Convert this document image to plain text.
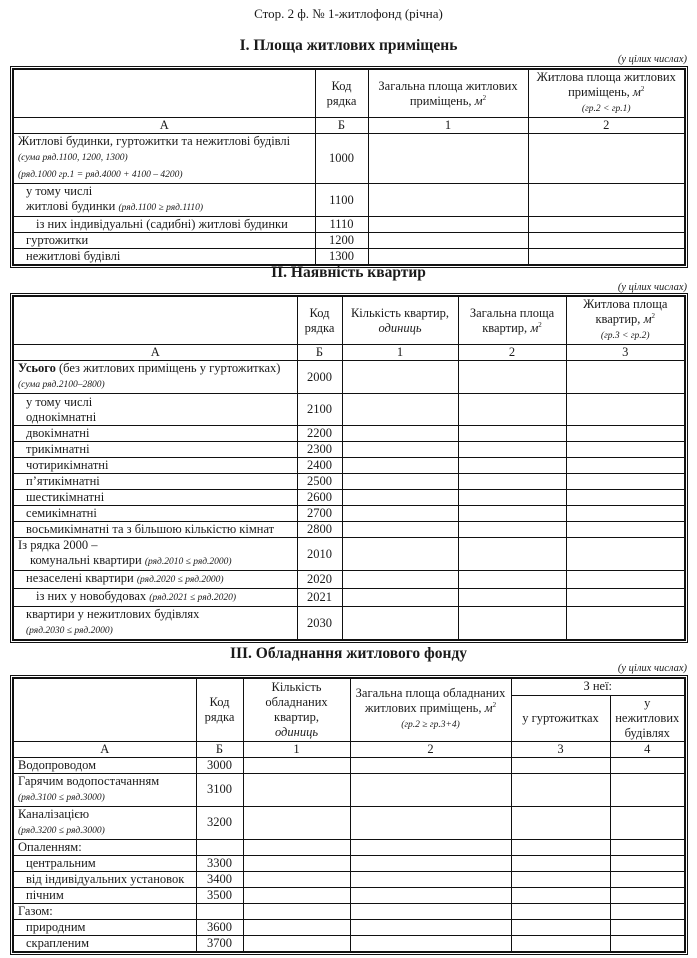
Стор. 2 ф. № 1-житлофонд (річна)
I. Площа житлових приміщень
(у цілих числах)
	Код рядка	Загальна площа житлових приміщень, $м^2$	Житлова площа житлових приміщень, $м^2$
(гр.2 < гр.1)
А	Б	1	2
Житлові будинки, гуртожитки та нежитлові будівлі
(сума ряд.1100, 1200, 1300)
(ряд.1000 гр.1 = ряд.4000 + 4100 – 4200)	1000		
у тому числі
житлові будинки (ряд.1100 ≥ ряд.1110)	1100		
із них індивідуальні (садибні) житлові будинки	1110		
гуртожитки	1200		
нежитлові будівлі	1300		
II. Наявність квартир
(у цілих числах)
	Код рядка	Кількість квартир,
одиниць	Загальна площа квартир, $м^2$	Житлова площа квартир, $м^2$
(гр.3 < гр.2)
А	Б	1	2	3
Усього (без житлових приміщень у гуртожитках)
(сума ряд.2100–2800)	2000			
у тому числі
однокімнатні	2100			
двокімнатні	2200			
трикімнатні	2300			
чотирикімнатні	2400			
п’ятикімнатні	2500			
шестикімнатні	2600			
семикімнатні	2700			
восьмикімнатні та з більшою кількістю кімнат	2800			
Із рядка 2000 –
комунальні квартири (ряд.2010 ≤ ряд.2000)	2010			
незаселені квартири (ряд.2020 ≤ ряд.2000)	2020			
із них у новобудовах (ряд.2021 ≤ ряд.2020)	2021			
квартири у нежитлових будівлях
(ряд.2030 ≤ ряд.2000)	2030			
III. Обладнання житлового фонду
(у цілих числах)
	Код рядка	Кількість обладнаних квартир,
одиниць	Загальна площа обладнаних житлових приміщень, $м^2$
(гр.2 ≥ гр.3+4)	З неї:	
				у гуртожитках	у нежитлових будівлях
А	Б	1	2	3	4
Водопроводом	3000				
Гарячим водопостачанням
(ряд.3100 ≤ ряд.3000)	3100				
Каналізацією
(ряд.3200 ≤ ряд.3000)	3200				
Опаленням:					
центральним	3300				
від індивідуальних установок	3400				
пічним	3500				
Газом:					
природним	3600				
скрапленим	3700				
